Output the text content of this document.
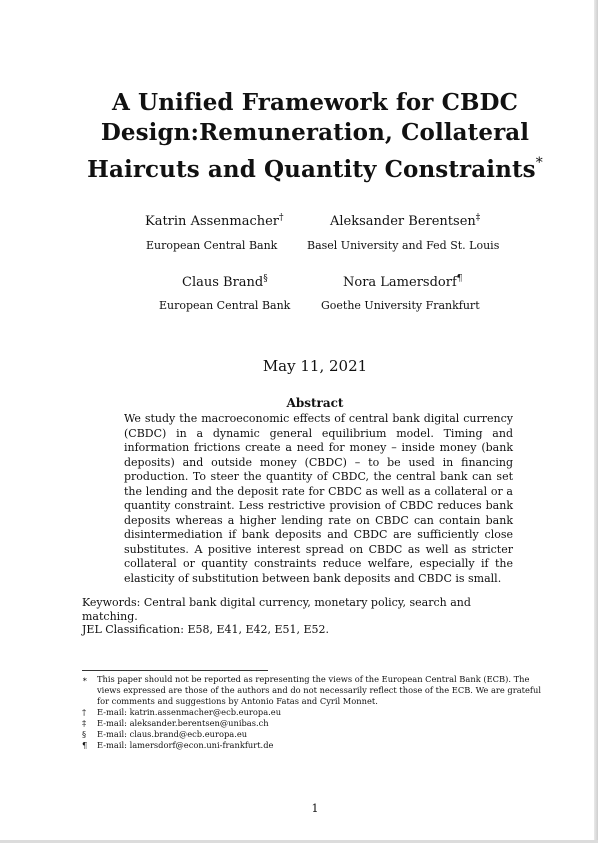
A Unified Framework for CBDC
Design:Remuneration, Collateral
Haircuts and Quantity Constraints*
Katrin Assenmacher†
European Central Bank
Aleksander Berentsen‡
Basel University and Fed St. Louis
Claus Brand§
European Central Bank
Nora Lamersdorf¶
Goethe University Frankfurt
May 11, 2021
Abstract
We study the macroeconomic effects of central bank digital currency (CBDC) in a dynamic general equilibrium model. Timing and information frictions create a need for money – inside money (bank deposits) and outside money (CBDC) – to be used in financing production. To steer the quantity of CBDC, the central bank can set the lending and the deposit rate for CBDC as well as a collateral or a quantity constraint. Less restrictive provision of CBDC reduces bank deposits whereas a higher lending rate on CBDC can contain bank disintermediation if bank deposits and CBDC are sufficiently close substitutes. A positive interest spread on CBDC as well as stricter collateral or quantity constraints reduce welfare, especially if the elasticity of substitution between bank deposits and CBDC is small.
Keywords: Central bank digital currency, monetary policy, search and matching.
JEL Classification: E58, E41, E42, E51, E52.
∗	This paper should not be reported as representing the views of the European Central Bank (ECB). The views expressed are those of the authors and do not necessarily reflect those of the ECB. We are grateful for comments and suggestions by Antonio Fatas and Cyril Monnet.
†	E-mail: katrin.assenmacher@ecb.europa.eu
‡	E-mail: aleksander.berentsen@unibas.ch
§	E-mail: claus.brand@ecb.europa.eu
¶	E-mail: lamersdorf@econ.uni-frankfurt.de
1
